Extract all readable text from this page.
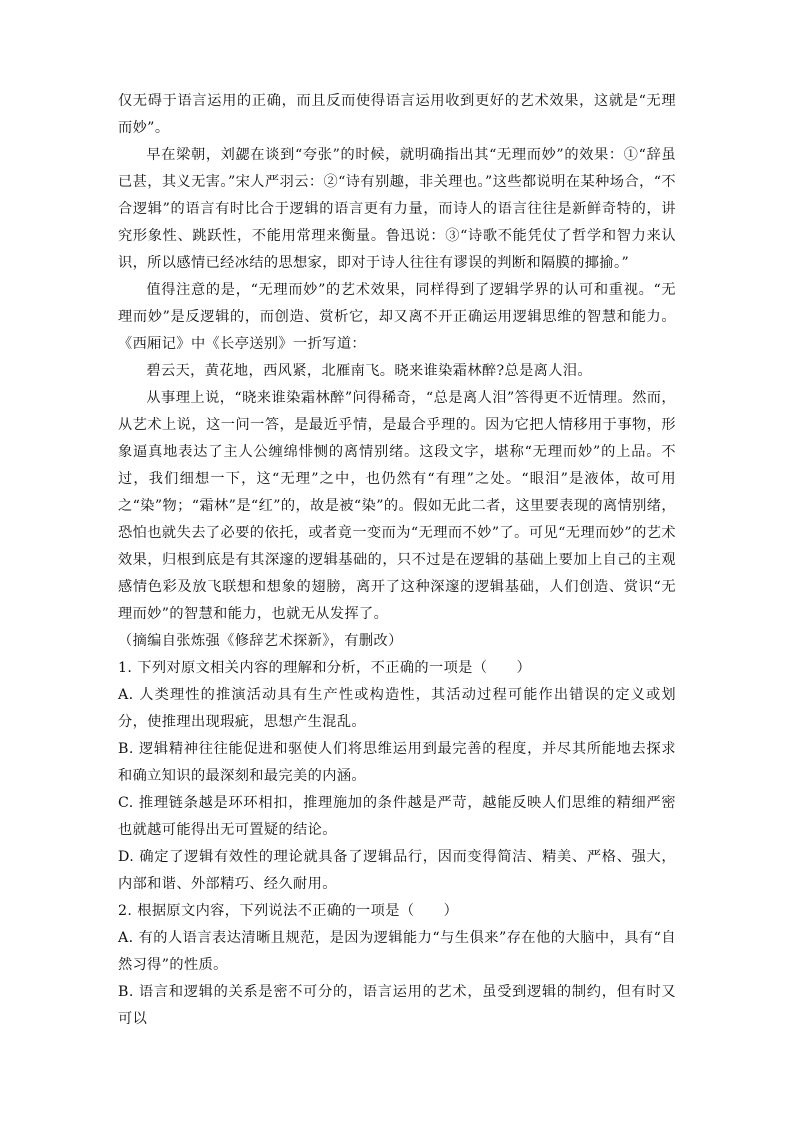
仅无碍于语言运用的正确，而且反而使得语言运用收到更好的艺术效果，这就是“无理而妙”。

早在梁朝，刘勰在谈到“夸张”的时候，就明确指出其“无理而妙”的效果：①“辞虽已甚，其义无害。”宋人严羽云：②“诗有别趣，非关理也。”这些都说明在某种场合，“不合逻辑”的语言有时比合于逻辑的语言更有力量，而诗人的语言往往是新鲜奇特的，讲究形象性、跳跃性，不能用常理来衡量。鲁迅说：③“诗歌不能凭仗了哲学和智力来认识，所以感情已经冰结的思想家，即对于诗人往往有谬误的判断和隔膜的揶揄。”

值得注意的是，“无理而妙”的艺术效果，同样得到了逻辑学界的认可和重视。“无理而妙”是反逻辑的，而创造、赏析它，却又离不开正确运用逻辑思维的智慧和能力。《西厢记》中《长亭送别》一折写道：

碧云天，黄花地，西风紧，北雁南飞。晓来谁染霜林醉?总是离人泪。

从事理上说，“晓来谁染霜林醉”问得稀奇，“总是离人泪”答得更不近情理。然而，从艺术上说，这一问一答，是最近乎情，是最合乎理的。因为它把人情移用于事物，形象逼真地表达了主人公缠绵悱恻的离情别绪。这段文字，堪称“无理而妙”的上品。不过，我们细想一下，这“无理”之中，也仍然有“有理”之处。“眼泪”是液体，故可用之“染”物；“霜林”是“红”的，故是被“染”的。假如无此二者，这里要表现的离情别绪，恐怕也就失去了必要的依托，或者竟一变而为“无理而不妙”了。可见“无理而妙”的艺术效果，归根到底是有其深邃的逻辑基础的，只不过是在逻辑的基础上要加上自己的主观感情色彩及放飞联想和想象的翅膀，离开了这种深邃的逻辑基础，人们创造、赏识“无理而妙”的智慧和能力，也就无从发挥了。

（摘编自张炼强《修辞艺术探新》，有删改）

1. 下列对原文相关内容的理解和分析，不正确的一项是（　　）

A. 人类理性的推演活动具有生产性或构造性，其活动过程可能作出错误的定义或划分，使推理出现瑕疵，思想产生混乱。

B. 逻辑精神往往能促进和驱使人们将思维运用到最完善的程度，并尽其所能地去探求和确立知识的最深刻和最完美的内涵。

C. 推理链条越是环环相扣，推理施加的条件越是严苛，越能反映人们思维的精细严密也就越可能得出无可置疑的结论。

D. 确定了逻辑有效性的理论就具备了逻辑品行，因而变得简洁、精美、严格、强大，内部和谐、外部精巧、经久耐用。

2. 根据原文内容，下列说法不正确的一项是（　　）

A. 有的人语言表达清晰且规范，是因为逻辑能力“与生俱来”存在他的大脑中，具有“自然习得”的性质。

B. 语言和逻辑的关系是密不可分的，语言运用的艺术，虽受到逻辑的制约，但有时又可以
